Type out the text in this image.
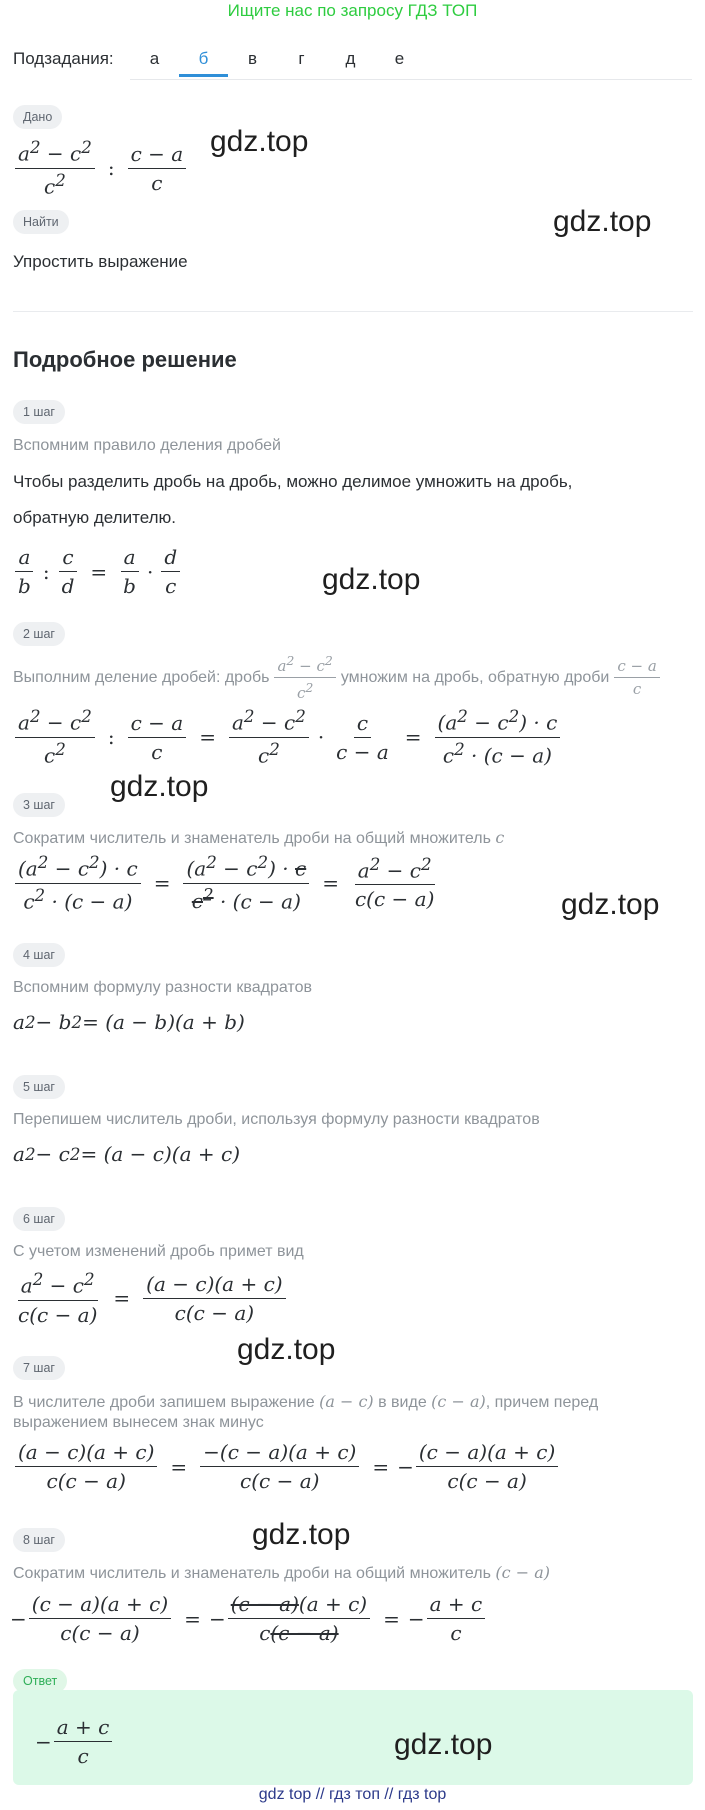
Ищите нас по запросу ГДЗ ТОП
Подзадания:	а	б	в	г	д	е
Дано
$\frac{a^2 - c^2}{c^2}$ : $\frac{c - a}{c}$
gdz.top
Найти	gdz.top
Упростить выражение
Подробное решение
1 шаг
Вспомним правило деления дробей
Чтобы разделить дробь на дробь, можно делимое умножить на дробь,
обратную делителю.
$\frac{a}{b}$ : $\frac{c}{d} = \frac{a}{b} \cdot \frac{d}{c}$	gdz.top
2 шаг
Выполним деление дробей: дробь $\frac{a^2 - c^2}{c^2}$ умножим на дробь, обратную дроби $\frac{c - a}{c}$
$\frac{a^2 - c^2}{c^2}$ : $\frac{c - a}{c} = \frac{a^2 - c^2}{c^2} \cdot \frac{c}{c - a} = \frac{(a^2 - c^2) \cdot c}{c^2 \cdot (c - a)}$
gdz.top
3 шаг
Сократим числитель и знаменатель дроби на общий множитель c
$\frac{(a^2 - c^2) \cdot c}{c^2 \cdot (c - a)} = \frac{(a^2 - c^2) \cdot c}{c^2 \cdot (c - a)} = \frac{a^2 - c^2}{c(c - a)}$	gdz.top
4 шаг
Вспомним формулу разности квадратов
a 2 − b 2 = (a − b)(a + b)
5 шаг
Перепишем числитель дроби, используя формулу разности квадратов
a 2 − c 2 = (a − c)(a + c)
6 шаг
С учетом изменений дробь примет вид
$\frac{a^2 - c^2}{c(c - a)} = \frac{(a - c)(a + c)}{c(c - a)}$
gdz.top
7 шаг
В числителе дроби запишем выражение (a − c) в виде (c − a), причем перед
выражением вынесем знак минус
$\frac{(a - c)(a + c)}{c(c - a)} = \frac{-(c - a)(a + c)}{c(c - a)}$ = − $\frac{(c - a)(a + c)}{c(c - a)}$
gdz.top
8 шаг
Сократим числитель и знаменатель дроби на общий множитель (c − a)
− $\frac{(c - a)(a + c)}{c(c - a)}$ = − $\frac{(c - a)(a + c)}{c(c - a)}$ = − $\frac{a + c}{c}$
Ответ
− $\frac{a + c}{c}$	gdz.top
gdz top // гдз топ // гдз top
